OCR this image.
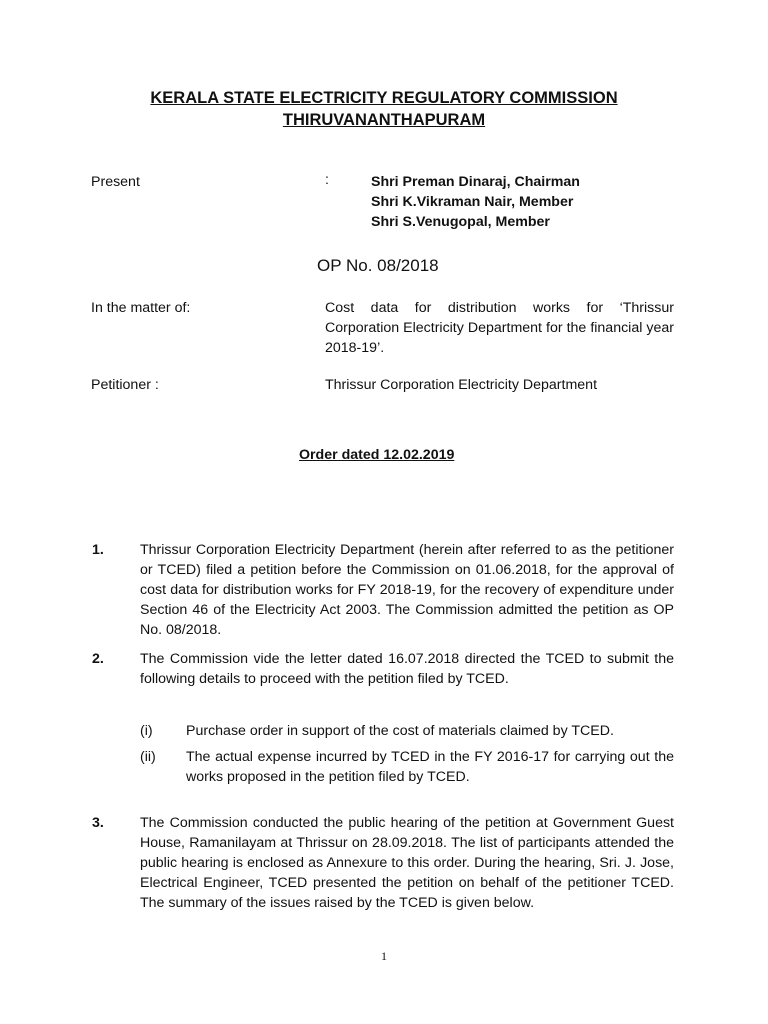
KERALA STATE ELECTRICITY REGULATORY COMMISSION
THIRUVANANTHAPURAM
Present	:	Shri Preman Dinaraj, Chairman
Shri K.Vikraman Nair, Member
Shri S.Venugopal, Member
OP No. 08/2018
In the matter of:	Cost data for distribution works for ‘Thrissur Corporation Electricity Department for the financial year 2018-19’.
Petitioner :	Thrissur Corporation Electricity Department
Order dated 12.02.2019
1.	Thrissur Corporation Electricity Department (herein after referred to as the petitioner or TCED) filed a petition before the Commission on 01.06.2018, for the approval of cost data for distribution works for FY 2018-19, for the recovery of expenditure under Section 46 of the Electricity Act 2003. The Commission admitted the petition as OP No. 08/2018.
2.	The Commission vide the letter dated 16.07.2018 directed the TCED to submit the following details to proceed with the petition filed by TCED.
(i) Purchase order in support of the cost of materials claimed by TCED.
(ii) The actual expense incurred by TCED in the FY 2016-17 for carrying out the works proposed in the petition filed by TCED.
3.	The Commission conducted the public hearing of the petition at Government Guest House, Ramanilayam at Thrissur on 28.09.2018. The list of participants attended the public hearing is enclosed as Annexure to this order. During the hearing, Sri. J. Jose, Electrical Engineer, TCED presented the petition on behalf of the petitioner TCED. The summary of the issues raised by the TCED is given below.
1
